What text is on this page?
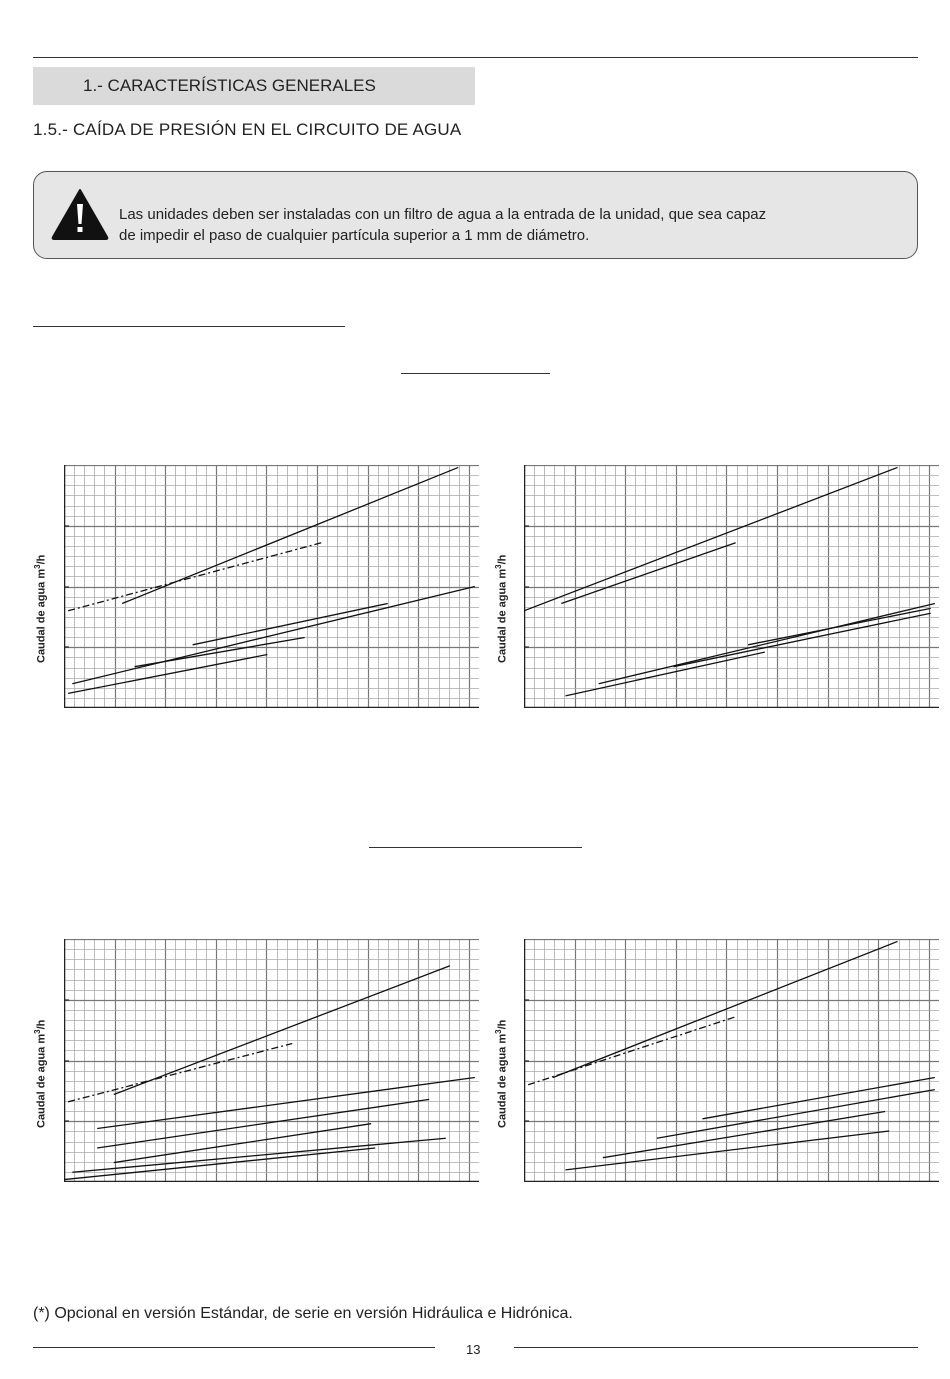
1.- CARACTERÍSTICAS GENERALES
1.5.- CAÍDA DE PRESIÓN EN EL CIRCUITO DE AGUA
Las unidades deben ser instaladas con un filtro de agua a la entrada de la unidad, que sea capaz
de impedir el paso de cualquier partícula superior a 1 mm de diámetro.
Caudal de agua $m^3/h$
Caudal de agua $m^3/h$
Caudal de agua $m^3/h$
Caudal de agua $m^3/h$
(*) Opcional en versión Estándar, de serie en versión Hidráulica e Hidrónica.
13
